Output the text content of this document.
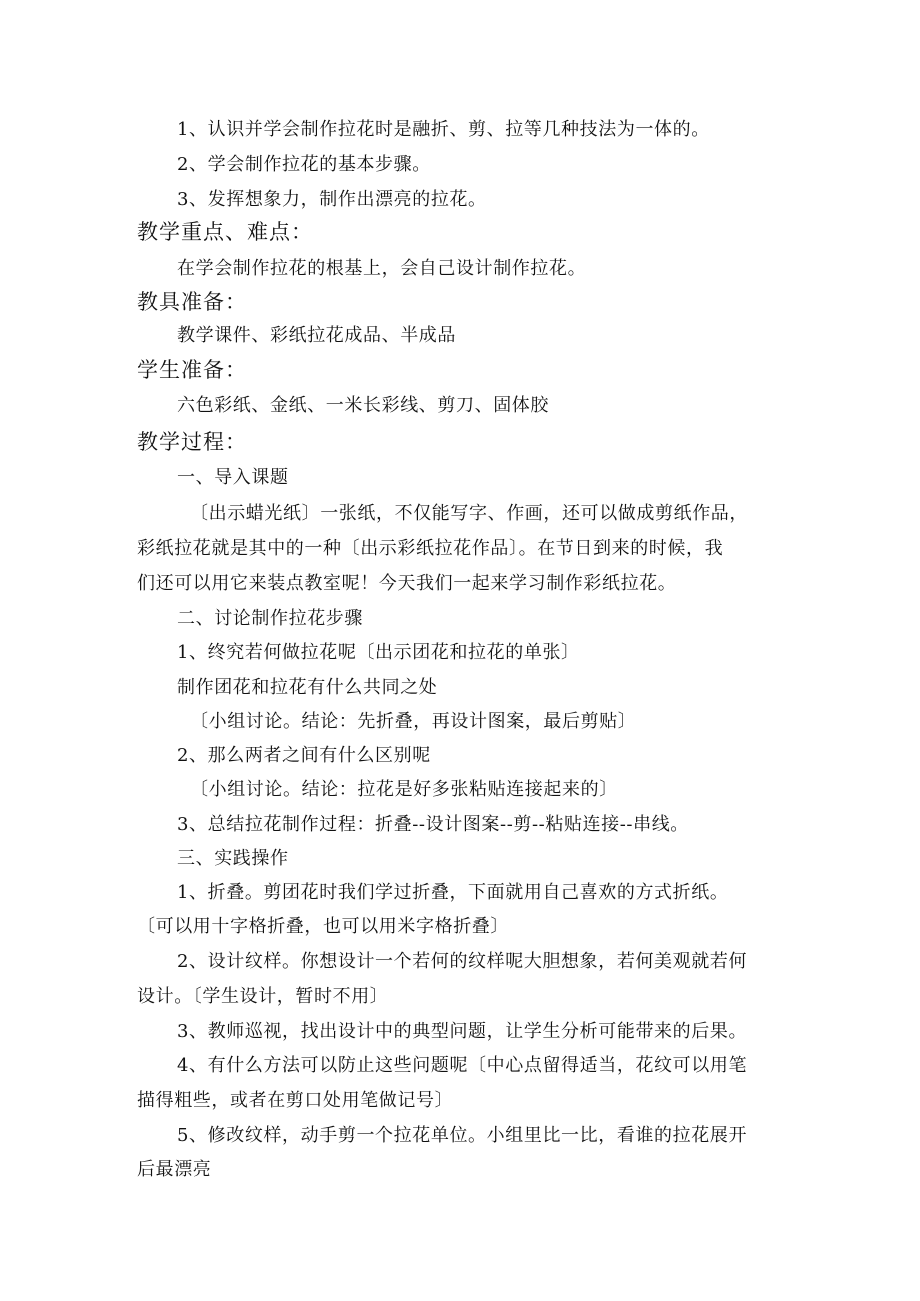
1、认识并学会制作拉花时是融折、剪、拉等几种技法为一体的。
2、学会制作拉花的基本步骤。
3、发挥想象力，制作出漂亮的拉花。
教学重点、难点：
在学会制作拉花的根基上，会自己设计制作拉花。
教具准备：
教学课件、彩纸拉花成品、半成品
学生准备：
六色彩纸、金纸、一米长彩线、剪刀、固体胶
教学过程：
一、导入课题
〔出示蜡光纸〕一张纸，不仅能写字、作画，还可以做成剪纸作品，
彩纸拉花就是其中的一种〔出示彩纸拉花作品〕。在节日到来的时候，我
们还可以用它来装点教室呢！今天我们一起来学习制作彩纸拉花。
二、讨论制作拉花步骤
1、终究若何做拉花呢〔出示团花和拉花的单张〕
制作团花和拉花有什么共同之处
〔小组讨论。结论：先折叠，再设计图案，最后剪贴〕
2、那么两者之间有什么区别呢
〔小组讨论。结论：拉花是好多张粘贴连接起来的〕
3、总结拉花制作过程：折叠--设计图案--剪--粘贴连接--串线。
三、实践操作
1、折叠。剪团花时我们学过折叠，下面就用自己喜欢的方式折纸。
〔可以用十字格折叠，也可以用米字格折叠〕
2、设计纹样。你想设计一个若何的纹样呢大胆想象，若何美观就若何
设计。〔学生设计，暂时不用〕
3、教师巡视，找出设计中的典型问题，让学生分析可能带来的后果。
4、有什么方法可以防止这些问题呢〔中心点留得适当，花纹可以用笔
描得粗些，或者在剪口处用笔做记号〕
5、修改纹样，动手剪一个拉花单位。小组里比一比，看谁的拉花展开
后最漂亮
